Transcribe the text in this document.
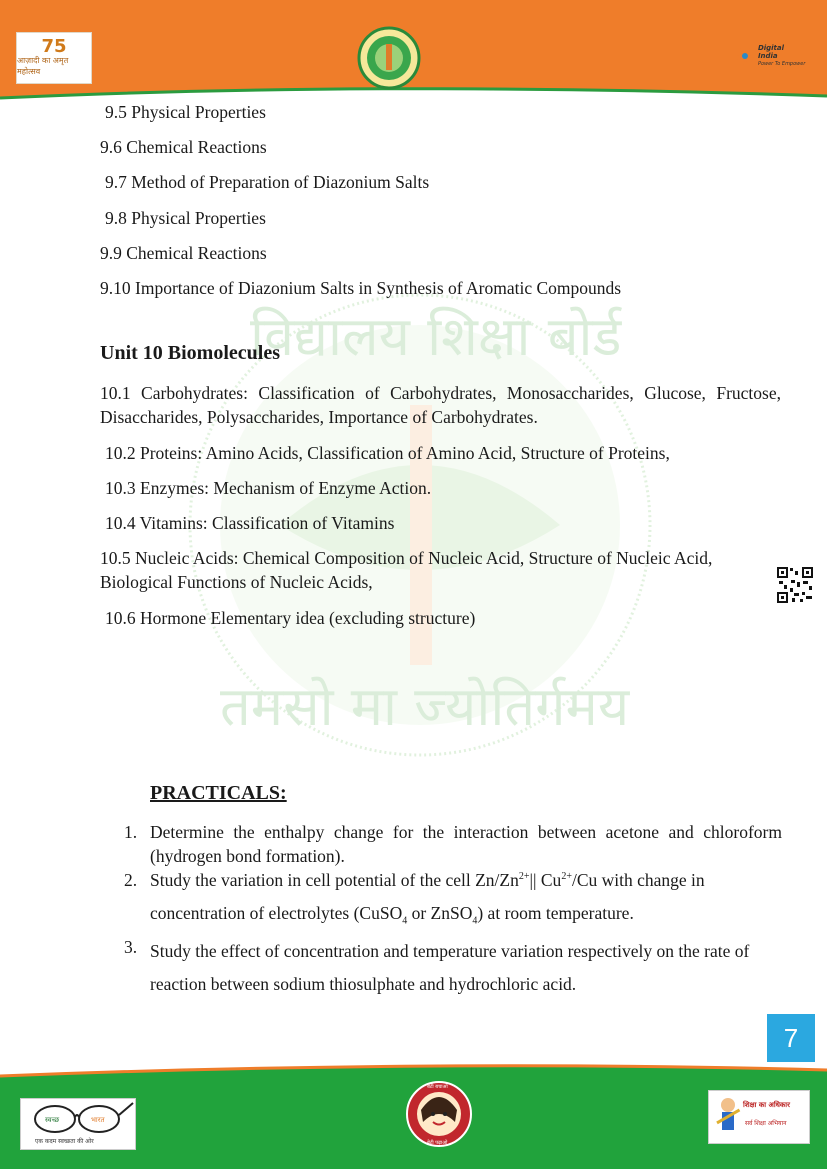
75
आज़ादी का अमृत महोत्सव
Digital India
Power To Empower
विद्यालय शिक्षा बोर्ड
तमसो मा ज्योतिर्गमय
9.5 Physical Properties
9.6 Chemical Reactions
9.7 Method of Preparation of Diazonium Salts
9.8 Physical Properties
9.9 Chemical Reactions
9.10 Importance of Diazonium Salts in Synthesis of Aromatic Compounds
Unit 10 Biomolecules
10.1 Carbohydrates: Classification of Carbohydrates, Monosaccharides, Glucose, Fructose, Disaccharides, Polysaccharides, Importance of Carbohydrates.
10.2 Proteins: Amino Acids, Classification of Amino Acid, Structure of Proteins,
10.3 Enzymes: Mechanism of Enzyme Action.
10.4 Vitamins: Classification of Vitamins
10.5 Nucleic Acids: Chemical Composition of Nucleic Acid, Structure of Nucleic Acid, Biological Functions of Nucleic Acids,
10.6 Hormone Elementary idea (excluding structure)
PRACTICALS:
1. Determine the enthalpy change for the interaction between acetone and chloroform (hydrogen bond formation).
2. Study the variation in cell potential of the cell $Zn/Zn^{2+}||$ $Cu^{2+}/Cu$ with change in
concentration of electrolytes (CuSO$_4$ or ZnSO$_4$) at room temperature.
3. Study the effect of concentration and temperature variation respectively on the rate of reaction between sodium thiosulphate and hydrochloric acid.
7
स्वच्छ	भारत
एक कदम स्वच्छता की ओर
बेटी बचाओ
बेटी पढ़ाओ
शिक्षा का अधिकार
सर्व शिक्षा अभियान
